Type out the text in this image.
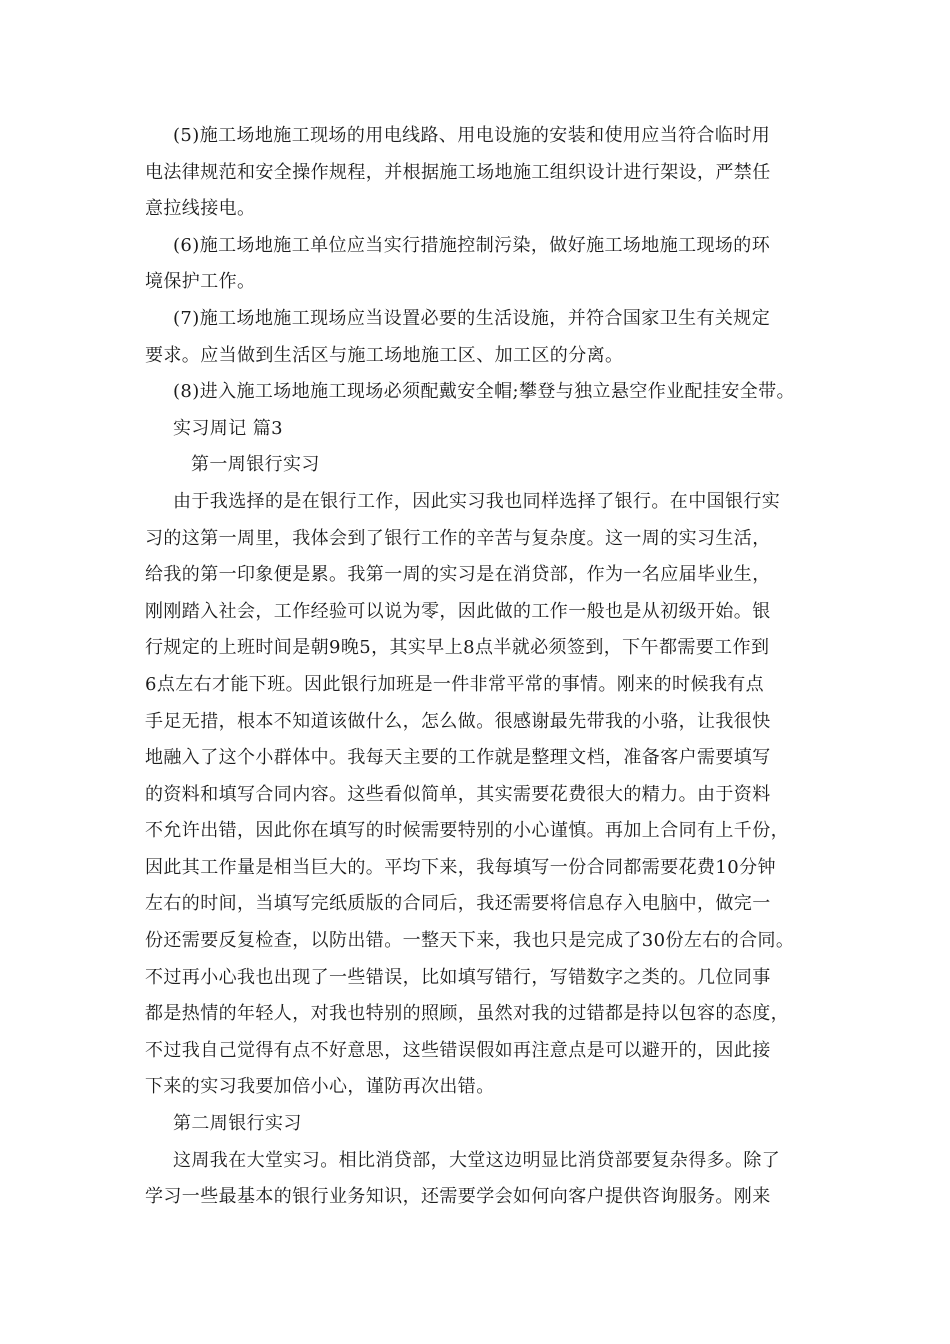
(5)施工场地施工现场的用电线路、用电设施的安装和使用应当符合临时用
电法律规范和安全操作规程，并根据施工场地施工组织设计进行架设，严禁任
意拉线接电。
(6)施工场地施工单位应当实行措施控制污染，做好施工场地施工现场的环
境保护工作。
(7)施工场地施工现场应当设置必要的生活设施，并符合国家卫生有关规定
要求。应当做到生活区与施工场地施工区、加工区的分离。
(8)进入施工场地施工现场必须配戴安全帽;攀登与独立悬空作业配挂安全带。
实习周记 篇3
第一周银行实习
由于我选择的是在银行工作，因此实习我也同样选择了银行。在中国银行实
习的这第一周里，我体会到了银行工作的辛苦与复杂度。这一周的实习生活，
给我的第一印象便是累。我第一周的实习是在消贷部，作为一名应届毕业生，
刚刚踏入社会，工作经验可以说为零，因此做的工作一般也是从初级开始。银
行规定的上班时间是朝9晚5，其实早上8点半就必须签到，下午都需要工作到
6点左右才能下班。因此银行加班是一件非常平常的事情。刚来的时候我有点
手足无措，根本不知道该做什么，怎么做。很感谢最先带我的小骆，让我很快
地融入了这个小群体中。我每天主要的工作就是整理文档，准备客户需要填写
的资料和填写合同内容。这些看似简单，其实需要花费很大的精力。由于资料
不允许出错，因此你在填写的时候需要特别的小心谨慎。再加上合同有上千份，
因此其工作量是相当巨大的。平均下来，我每填写一份合同都需要花费10分钟
左右的时间，当填写完纸质版的合同后，我还需要将信息存入电脑中，做完一
份还需要反复检查，以防出错。一整天下来，我也只是完成了30份左右的合同。
不过再小心我也出现了一些错误，比如填写错行，写错数字之类的。几位同事
都是热情的年轻人，对我也特别的照顾，虽然对我的过错都是持以包容的态度，
不过我自己觉得有点不好意思，这些错误假如再注意点是可以避开的，因此接
下来的实习我要加倍小心，谨防再次出错。
第二周银行实习
这周我在大堂实习。相比消贷部，大堂这边明显比消贷部要复杂得多。除了
学习一些最基本的银行业务知识，还需要学会如何向客户提供咨询服务。刚来
